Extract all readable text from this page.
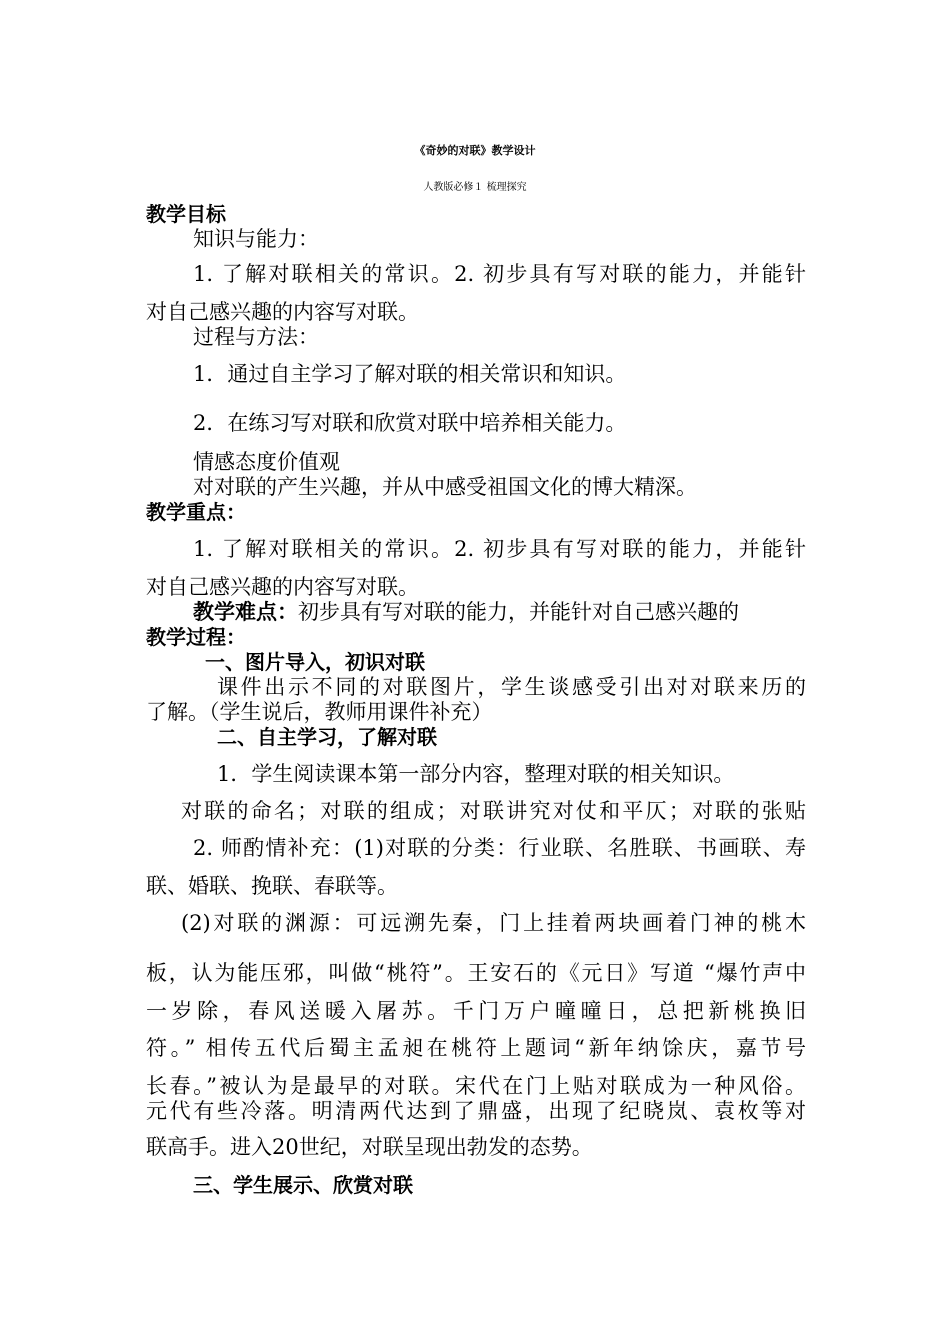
《奇妙的对联》教学设计
人教版必修１ 梳理探究
教学目标
知识与能力：
1. 了解对联相关的常识。2. 初步具有写对联的能力，并能针
对自己感兴趣的内容写对联。
过程与方法：
1．通过自主学习了解对联的相关常识和知识。
2．在练习写对联和欣赏对联中培养相关能力。
情感态度价值观
对对联的产生兴趣，并从中感受祖国文化的博大精深。
教学重点：
1. 了解对联相关的常识。2. 初步具有写对联的能力，并能针
对自己感兴趣的内容写对联。
教学难点：初步具有写对联的能力，并能针对自己感兴趣的
教学过程：
一、图片导入，初识对联
课件出示不同的对联图片，学生谈感受引出对对联来历的
了解。（学生说后，教师用课件补充）
二、自主学习，了解对联
1．学生阅读课本第一部分内容，整理对联的相关知识。
对联的命名；对联的组成；对联讲究对仗和平仄；对联的张贴
2. 师酌情补充：(1)对联的分类：行业联、名胜联、书画联、寿
联、婚联、挽联、春联等。
(2)对联的渊源：可远溯先秦，门上挂着两块画着门神的桃木
板，认为能压邪，叫做“桃符”。王安石的《元日》写道 “爆竹声中
一岁除，春风送暖入屠苏。千门万户曈曈日，总把新桃换旧
符。” 相传五代后蜀主孟昶在桃符上题词“新年纳馀庆，嘉节号
长春。”被认为是最早的对联。宋代在门上贴对联成为一种风俗。
元代有些冷落。明清两代达到了鼎盛，出现了纪晓岚、袁枚等对
联高手。进入20世纪，对联呈现出勃发的态势。
三、学生展示、欣赏对联
